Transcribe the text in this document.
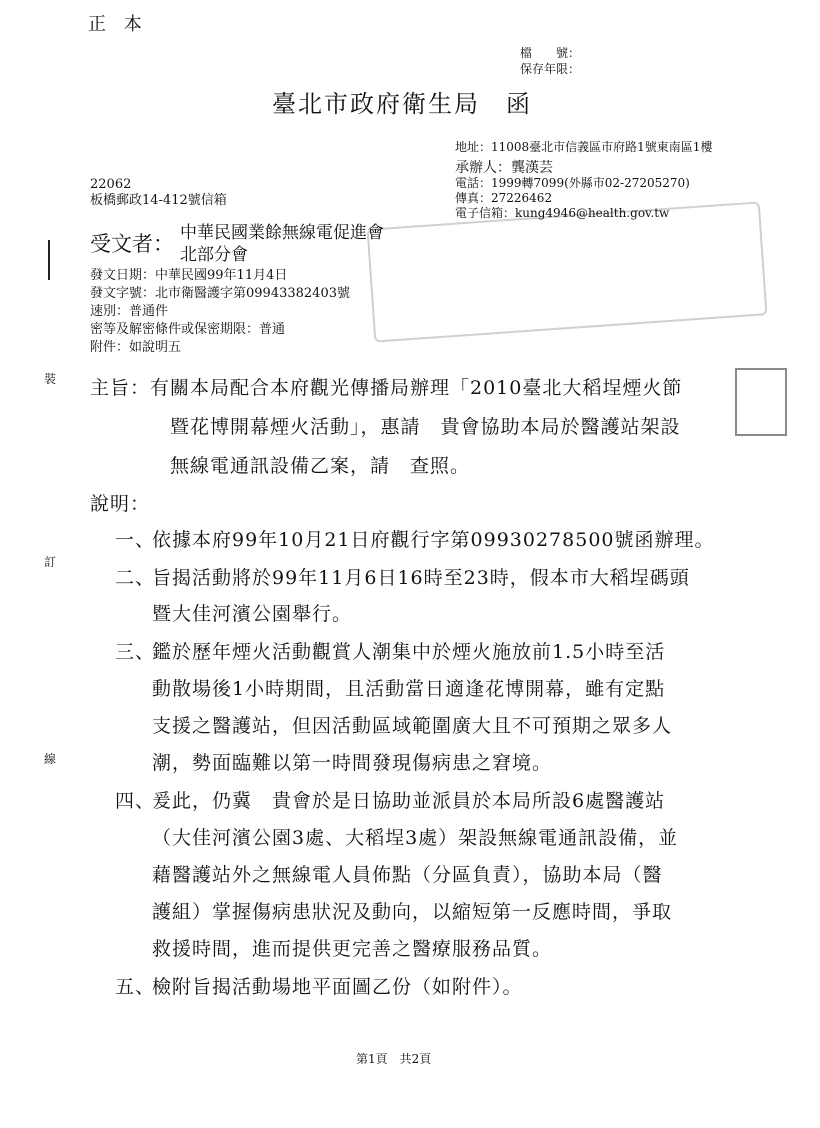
正 本
檔　　號：
保存年限：
臺北市政府衛生局　函
地址：11008臺北市信義區市府路1號東南區1樓
承辦人：龔漢芸
電話：1999轉7099(外縣市02-27205270)
傳真：27226462
電子信箱：kung4946@health.gov.tw
22062
板橋郵政14-412號信箱
受文者： 中華民國業餘無線電促進會
北部分會
發文日期：中華民國99年11月4日
發文字號：北市衛醫護字第09943382403號
速別：普通件
密等及解密條件或保密期限：普通
附件：如說明五
裝
訂
線
主旨： 有關本局配合本府觀光傳播局辦理「2010臺北大稻埕煙火節
暨花博開幕煙火活動」，惠請　貴會協助本局於醫護站架設
無線電通訊設備乙案，請　查照。
說明：
一、
依據本府99年10月21日府觀行字第09930278500號函辦理。
二、
旨揭活動將於99年11月6日16時至23時，假本市大稻埕碼頭
暨大佳河濱公園舉行。
三、
鑑於歷年煙火活動觀賞人潮集中於煙火施放前1.5小時至活
動散場後1小時期間，且活動當日適逢花博開幕，雖有定點
支援之醫護站，但因活動區域範圍廣大且不可預期之眾多人
潮，勢面臨難以第一時間發現傷病患之窘境。
四、
爰此，仍冀　貴會於是日協助並派員於本局所設6處醫護站
（大佳河濱公園3處、大稻埕3處）架設無線電通訊設備，並
藉醫護站外之無線電人員佈點（分區負責），協助本局（醫
護組）掌握傷病患狀況及動向，以縮短第一反應時間，爭取
救援時間，進而提供更完善之醫療服務品質。
五、
檢附旨揭活動場地平面圖乙份（如附件）。
第1頁　共2頁
